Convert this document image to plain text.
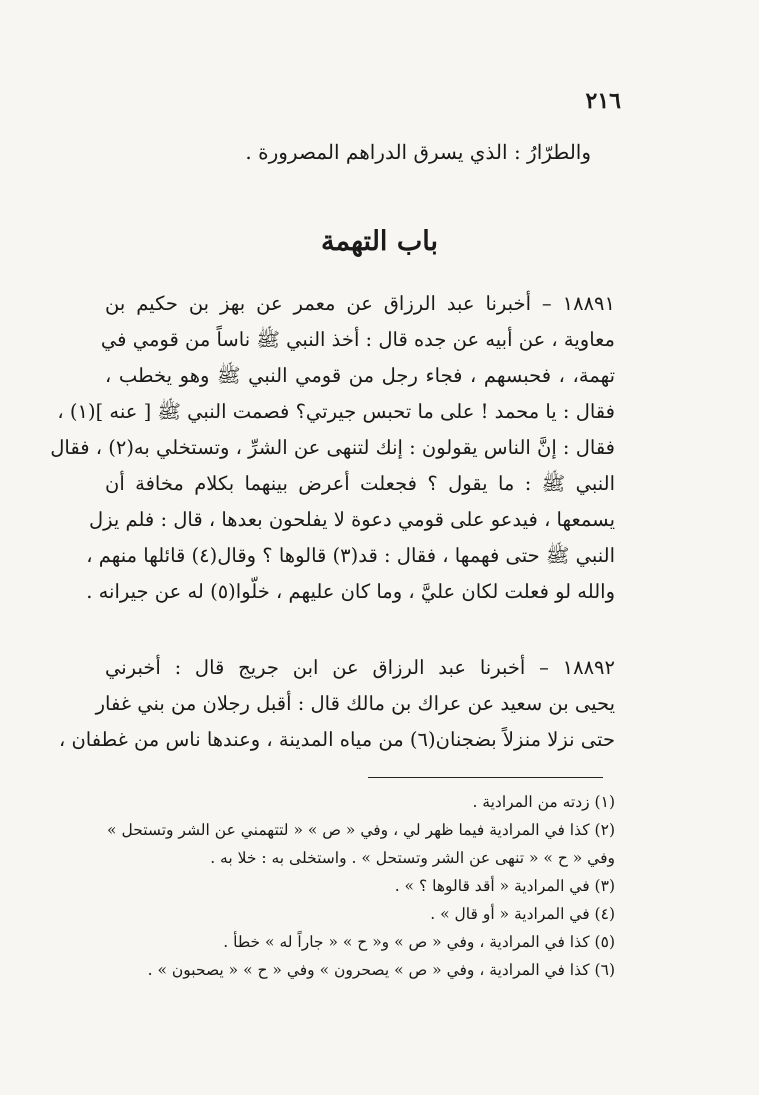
٢١٦
والطرّارُ : الذي يسرق الدراهم المصرورة .
باب التهمة
١٨٨٩١ – أخبرنا عبد الرزاق عن معمر عن بهز بن حكيم بن
معاوية ، عن أبيه عن جده قال : أخذ النبي ﷺ ناساً من قومي في
تهمة، ، فحبسهم ، فجاء رجل من قومي النبي ﷺ وهو يخطب ،
فقال : يا محمد ! على ما تحبس جيرتي؟ فصمت النبي ﷺ [ عنه ](١) ،
فقال : إنَّ الناس يقولون : إنك لتنهى عن الشرِّ ، وتستخلي به(٢) ، فقال
النبي ﷺ : ما يقول ؟ فجعلت أعرض بينهما بكلام مخافة أن
يسمعها ، فيدعو على قومي دعوة لا يفلحون بعدها ، قال : فلم يزل
النبي ﷺ حتى فهمها ، فقال : قد(٣) قالوها ؟ وقال(٤) قائلها منهم ،
والله لو فعلت لكان عليَّ ، وما كان عليهم ، خلّوا(٥) له عن جيرانه .
١٨٨٩٢ – أخبرنا عبد الرزاق عن ابن جريج قال : أخبرني
يحيى بن سعيد عن عراك بن مالك قال : أقبل رجلان من بني غفار
حتى نزلا منزلاً بضجنان(٦) من مياه المدينة ، وعندها ناس من غطفان ،
(١) زدته من المرادية .
(٢) كذا في المرادية فيما ظهر لي ، وفي « ص » « لتتهمني عن الشر وتستحل »
وفي « ح » « تنهى عن الشر وتستحل » . واستخلى به : خلا به .
(٣) في المرادية « أقد قالوها ؟ » .
(٤) في المرادية « أو قال » .
(٥) كذا في المرادية ، وفي « ص » و« ح » « جاراً له » خطأ .
(٦) كذا في المرادية ، وفي « ص » يصحرون » وفي « ح » « يصحبون » .
